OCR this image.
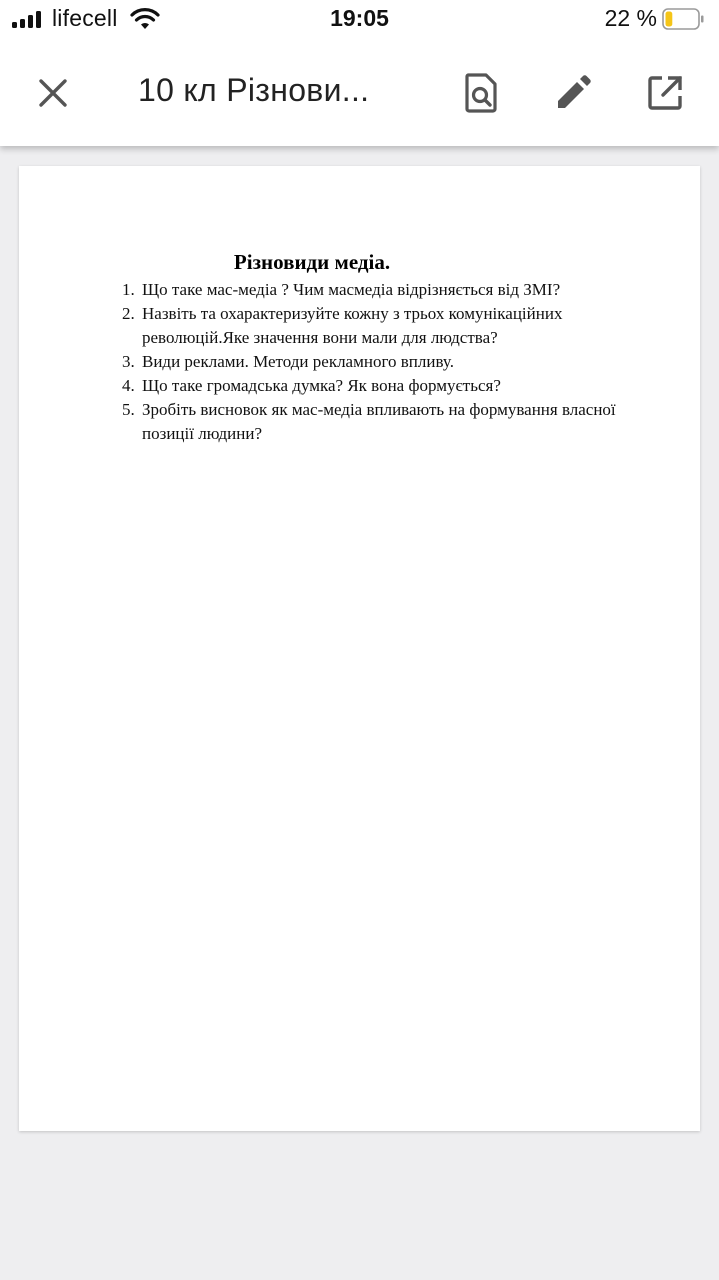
lifecell	19:05	22 %
10 кл Різнови...
Різновиди медіа.
1. Що таке мас-медіа ? Чим масмедіа відрізняється від ЗМІ?
2. Назвіть та охарактеризуйте кожну з трьох комунікаційних революцій.Яке значення вони мали для людства?
3. Види реклами. Методи рекламного впливу.
4. Що таке громадська думка? Як вона формується?
5. Зробіть висновок як мас-медіа впливають на формування власної позиції людини?
